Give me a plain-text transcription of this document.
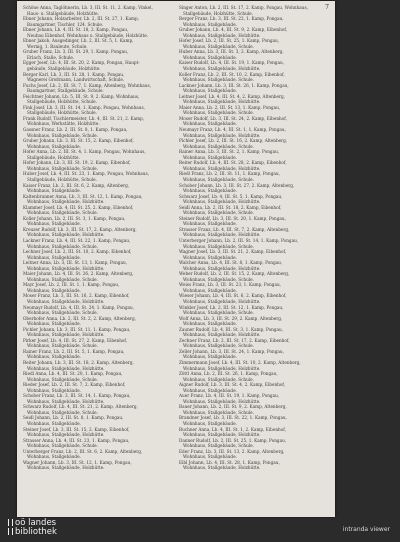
7

Schöne Anna, Taglöhnerin, Lb. 3, III. St. 11, 2. Kamp, Vinkel,

Haus- u. Stallgebäude, Holzhütte.

Ebner Johann, Holzarbeiter, Lb. 2, III. St. 27, 1. Kamp,

Baumgartner, Tischler, 124. Schule.

Ebner Johann, Lb. 4, III. St. 18, 2. Kamp, Pongau,

Neubau Eibenhof, Wohnhaus u. Stallgebäude, Holzhütte.

Ebner Jakob, Ausgedinger, Lb. 2, III. St. 5, 1. Kamp,

Wernig, 1. Bauleute, Schule.

Gruber Franz, Lb. 3, III. St. 29, 1. Kamp, Pongau,

Erlach, Stalle, Schule.

Egger Josef, Lb. 4, III. St. 20, 2. Kamp, Pongau, Haupt-

gebäude, Stallgebäude, Holzhütte.

Berger Karl, Lb. 3, III. St. 28, 1. Kamp, Pongau,

Wagnerei Großmann, Landwirtschaft, Schule.

Fuchs Josef, Lb. 2, III. St. 7, 1. Kamp, Altenberg, Wohnhaus,

Baumgartner, Stallgebäude, Schule.

Feichtner Johann, Lb. 5, III. St. 9, 2. Kamp, Wohnhaus,

Stallgebäude, Holzhütte, Schule.

Fink Josef, Lb. 3, III. St. 14, 1. Kamp, Pongau, Wohnhaus,

Stallgebäude, Holzhütte, Schule.

Frank Rudolf, Tischlermeister, Lb. 4, III. St. 21, 2. Kamp,

Wohnhaus, Werkstätte, Holzhütte.

Gassner Franz, Lb. 2, III. St. 8, 1. Kamp, Pongau,

Wohnhaus, Stallgebäude, Schule.

Gruber Johann, Lb. 3, III. St. 15, 2. Kamp, Eibenhof,

Wohnhaus, Stallgebäude.

Hofer Anna, Lb. 2, III. St. 4, 1. Kamp, Pongau, Wohnhaus,

Stallgebäude, Holzhütte.

Hofer Johann, Lb. 3, III. St. 19, 2. Kamp, Eibenhof,

Wohnhaus, Stallgebäude, Schule.

Huber Josef, Lb. 4, III. St. 23, 1. Kamp, Pongau, Wohnhaus,

Stallgebäude, Holzhütte, Schule.

Kaiser Franz, Lb. 2, III. St. 6, 2. Kamp, Altenberg,

Wohnhaus, Stallgebäude.

Kaltenbrunner Anna, Lb. 3, III. St. 12, 1. Kamp, Pongau,

Wohnhaus, Stallgebäude, Holzhütte.

Klammer Josef, Lb. 4, III. St. 25, 2. Kamp, Eibenhof,

Wohnhaus, Stallgebäude, Schule.

Koller Johann, Lb. 2, III. St. 3, 1. Kamp, Pongau,

Wohnhaus, Stallgebäude.

Kreuzer Rudolf, Lb. 3, III. St. 17, 2. Kamp, Altenberg,

Wohnhaus, Stallgebäude, Holzhütte.

Lackner Franz, Lb. 4, III. St. 22, 1. Kamp, Pongau,

Wohnhaus, Stallgebäude, Schule.

Lechner Josef, Lb. 2, III. St. 10, 2. Kamp, Eibenhof,

Wohnhaus, Stallgebäude.

Leitner Anna, Lb. 3, III. St. 13, 1. Kamp, Pongau,

Wohnhaus, Stallgebäude, Holzhütte.

Maier Johann, Lb. 4, III. St. 26, 2. Kamp, Altenberg,

Wohnhaus, Stallgebäude, Schule.

Mayr Josef, Lb. 2, III. St. 1, 1. Kamp, Pongau,

Wohnhaus, Stallgebäude.

Moser Franz, Lb. 3, III. St. 16, 2. Kamp, Eibenhof,

Wohnhaus, Stallgebäude, Holzhütte.

Neumayr Rudolf, Lb. 4, III. St. 24, 1. Kamp, Pongau,

Wohnhaus, Stallgebäude, Schule.

Oberhofer Anna, Lb. 2, III. St. 2, 2. Kamp, Altenberg,

Wohnhaus, Stallgebäude.

Pichler Johann, Lb. 3, III. St. 11, 1. Kamp, Pongau,

Wohnhaus, Stallgebäude, Holzhütte.

Pirker Josef, Lb. 4, III. St. 27, 2. Kamp, Eibenhof,

Wohnhaus, Stallgebäude, Schule.

Rainer Franz, Lb. 2, III. St. 5, 1. Kamp, Pongau,

Wohnhaus, Stallgebäude.

Reiter Johann, Lb. 3, III. St. 18, 2. Kamp, Altenberg,

Wohnhaus, Stallgebäude, Holzhütte.

Riedl Anna, Lb. 4, III. St. 20, 1. Kamp, Pongau,

Wohnhaus, Stallgebäude, Schule.

Rieder Josef, Lb. 2, III. St. 7, 2. Kamp, Eibenhof,

Wohnhaus, Stallgebäude.

Schober Franz, Lb. 3, III. St. 14, 1. Kamp, Pongau,

Wohnhaus, Stallgebäude, Holzhütte.

Schwarz Rudolf, Lb. 4, III. St. 21, 2. Kamp, Altenberg,

Wohnhaus, Stallgebäude, Schule.

Seidl Johann, Lb. 2, III. St. 8, 1. Kamp, Pongau,

Wohnhaus, Stallgebäude.

Steiner Josef, Lb. 3, III. St. 15, 2. Kamp, Eibenhof,

Wohnhaus, Stallgebäude, Holzhütte.

Strasser Anna, Lb. 4, III. St. 23, 1. Kamp, Pongau,

Wohnhaus, Stallgebäude, Schule.

Unterberger Franz, Lb. 2, III. St. 6, 2. Kamp, Altenberg,

Wohnhaus, Stallgebäude.

Wagner Johann, Lb. 3, III. St. 12, 1. Kamp, Pongau,

Wohnhaus, Stallgebäude, Holzhütte.

Singer Anton, Lb. 2, III. St. 17, 2. Kamp, Pongau, Wohnhaus,

Stallgebäude, Holzhütte, Schule.

Berger Franz, Lb. 3, III. St. 22, 1. Kamp, Pongau,

Wohnhaus, Stallgebäude.

Gruber Johann, Lb. 4, III. St. 9, 2. Kamp, Eibenhof,

Wohnhaus, Stallgebäude, Holzhütte.

Hofer Josef, Lb. 2, III. St. 25, 1. Kamp, Pongau,

Wohnhaus, Stallgebäude, Schule.

Huber Anna, Lb. 3, III. St. 3, 2. Kamp, Altenberg,

Wohnhaus, Stallgebäude.

Kaiser Rudolf, Lb. 4, III. St. 19, 1. Kamp, Pongau,

Wohnhaus, Stallgebäude, Holzhütte.

Koller Franz, Lb. 2, III. St. 10, 2. Kamp, Eibenhof,

Wohnhaus, Stallgebäude, Schule.

Lackner Johann, Lb. 3, III. St. 26, 1. Kamp, Pongau,

Wohnhaus, Stallgebäude.

Leitner Josef, Lb. 4, III. St. 4, 2. Kamp, Altenberg,

Wohnhaus, Stallgebäude, Holzhütte.

Maier Anna, Lb. 2, III. St. 13, 1. Kamp, Pongau,

Wohnhaus, Stallgebäude, Schule.

Moser Rudolf, Lb. 3, III. St. 24, 2. Kamp, Eibenhof,

Wohnhaus, Stallgebäude.

Neumayr Franz, Lb. 4, III. St. 1, 1. Kamp, Pongau,

Wohnhaus, Stallgebäude, Holzhütte.

Pichler Josef, Lb. 2, III. St. 16, 2. Kamp, Altenberg,

Wohnhaus, Stallgebäude, Schule.

Rainer Anna, Lb. 3, III. St. 2, 1. Kamp, Pongau,

Wohnhaus, Stallgebäude.

Reiter Rudolf, Lb. 4, III. St. 28, 2. Kamp, Eibenhof,

Wohnhaus, Stallgebäude, Holzhütte.

Riedl Franz, Lb. 2, III. St. 11, 1. Kamp, Pongau,

Wohnhaus, Stallgebäude, Schule.

Schober Johann, Lb. 3, III. St. 27, 2. Kamp, Altenberg,

Wohnhaus, Stallgebäude.

Schwarz Josef, Lb. 4, III. St. 5, 1. Kamp, Pongau,

Wohnhaus, Stallgebäude, Holzhütte.

Seidl Anna, Lb. 2, III. St. 18, 2. Kamp, Eibenhof,

Wohnhaus, Stallgebäude, Schule.

Steiner Rudolf, Lb. 3, III. St. 20, 1. Kamp, Pongau,

Wohnhaus, Stallgebäude.

Strasser Franz, Lb. 4, III. St. 7, 2. Kamp, Altenberg,

Wohnhaus, Stallgebäude, Holzhütte.

Unterberger Johann, Lb. 2, III. St. 14, 1. Kamp, Pongau,

Wohnhaus, Stallgebäude, Schule.

Wagner Josef, Lb. 3, III. St. 21, 2. Kamp, Eibenhof,

Wohnhaus, Stallgebäude.

Walcher Anna, Lb. 4, III. St. 8, 1. Kamp, Pongau,

Wohnhaus, Stallgebäude, Holzhütte.

Weber Rudolf, Lb. 2, III. St. 15, 2. Kamp, Altenberg,

Wohnhaus, Stallgebäude, Schule.

Weiss Franz, Lb. 3, III. St. 23, 1. Kamp, Pongau,

Wohnhaus, Stallgebäude.

Wieser Johann, Lb. 4, III. St. 6, 2. Kamp, Eibenhof,

Wohnhaus, Stallgebäude, Holzhütte.

Winkler Josef, Lb. 2, III. St. 12, 1. Kamp, Pongau,

Wohnhaus, Stallgebäude, Schule.

Wolf Anna, Lb. 3, III. St. 29, 2. Kamp, Altenberg,

Wohnhaus, Stallgebäude.

Zauner Rudolf, Lb. 4, III. St. 3, 1. Kamp, Pongau,

Wohnhaus, Stallgebäude, Holzhütte.

Zechner Franz, Lb. 2, III. St. 17, 2. Kamp, Eibenhof,

Wohnhaus, Stallgebäude, Schule.

Zeller Johann, Lb. 3, III. St. 24, 1. Kamp, Pongau,

Wohnhaus, Stallgebäude.

Zimmermann Josef, Lb. 4, III. St. 10, 2. Kamp, Altenberg,

Wohnhaus, Stallgebäude, Holzhütte.

Zöttl Anna, Lb. 2, III. St. 26, 1. Kamp, Pongau,

Wohnhaus, Stallgebäude, Schule.

Aigner Rudolf, Lb. 3, III. St. 4, 2. Kamp, Eibenhof,

Wohnhaus, Stallgebäude.

Auer Franz, Lb. 4, III. St. 19, 1. Kamp, Pongau,

Wohnhaus, Stallgebäude, Holzhütte.

Bauer Johann, Lb. 2, III. St. 9, 2. Kamp, Altenberg,

Wohnhaus, Stallgebäude, Schule.

Brandner Josef, Lb. 3, III. St. 22, 1. Kamp, Pongau,

Wohnhaus, Stallgebäude.

Buchner Anna, Lb. 4, III. St. 1, 2. Kamp, Eibenhof,

Wohnhaus, Stallgebäude, Holzhütte.

Danner Rudolf, Lb. 2, III. St. 25, 1. Kamp, Pongau,

Wohnhaus, Stallgebäude, Schule.

Eder Franz, Lb. 3, III. St. 13, 2. Kamp, Altenberg,

Wohnhaus, Stallgebäude.

Eibl Johann, Lb. 4, III. St. 28, 1. Kamp, Pongau,

Wohnhaus, Stallgebäude, Holzhütte.

oö landes
bibliothek	intranda viewer
